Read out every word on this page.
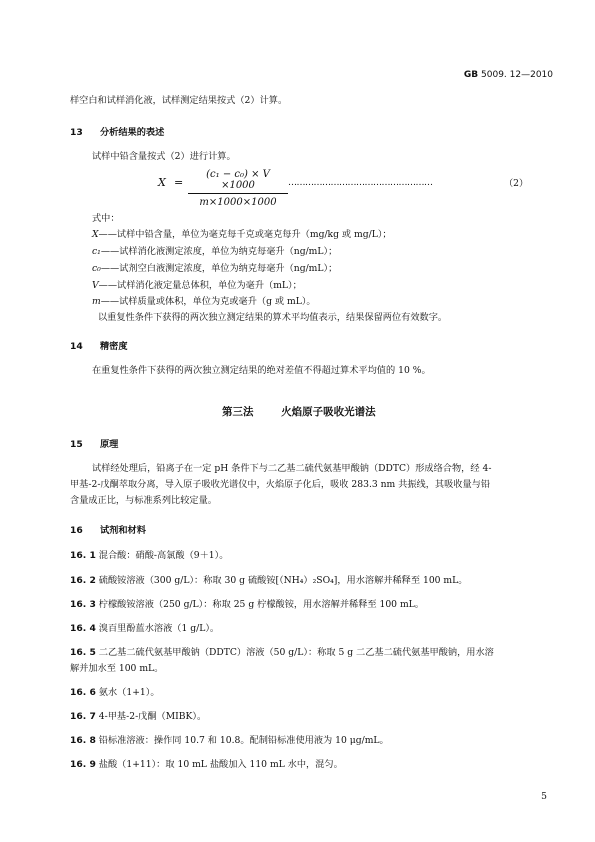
GB 5009. 12—2010
样空白和试样消化液，试样测定结果按式（2）计算。
13 分析结果的表述
试样中铅含量按式（2）进行计算。
X =
(c₁ − c₀) × V ×1000
m×1000×1000
……………………………………………	（2）
式中：
X——试样中铅含量，单位为毫克每千克或毫克每升（mg/kg 或 mg/L）；
c₁——试样消化液测定浓度，单位为纳克每毫升（ng/mL）；
c₀——试剂空白液测定浓度，单位为纳克每毫升（ng/mL）；
V——试样消化液定量总体积，单位为毫升（mL）；
m——试样质量或体积，单位为克或毫升（g 或 mL）。
以重复性条件下获得的两次独立测定结果的算术平均值表示，结果保留两位有效数字。
14 精密度
在重复性条件下获得的两次独立测定结果的绝对差值不得超过算术平均值的 10 %。
第三法	火焰原子吸收光谱法
15 原理
试样经处理后，铅离子在一定 pH 条件下与二乙基二硫代氨基甲酸钠（DDTC）形成络合物，经 4-
甲基-2-戊酮萃取分离，导入原子吸收光谱仪中，火焰原子化后，吸收 283.3 nm 共振线，其吸收量与铅
含量成正比，与标准系列比较定量。
16 试剂和材料
16. 1 混合酸：硝酸-高氯酸（9＋1）。
16. 2 硫酸铵溶液（300 g/L）：称取 30 g 硫酸铵[（NH₄）₂SO₄]，用水溶解并稀释至 100 mL。
16. 3 柠檬酸铵溶液（250 g/L）：称取 25 g 柠檬酸铵，用水溶解并稀释至 100 mL。
16. 4 溴百里酚蓝水溶液（1 g/L）。
16. 5 二乙基二硫代氨基甲酸钠（DDTC）溶液（50 g/L）：称取 5 g 二乙基二硫代氨基甲酸钠，用水溶
解并加水至 100 mL。
16. 6 氨水（1+1）。
16. 7 4-甲基-2-戊酮（MIBK）。
16. 8 铅标准溶液：操作同 10.7 和 10.8。配制铅标准使用液为 10 μg/mL。
16. 9 盐酸（1+11）：取 10 mL 盐酸加入 110 mL 水中，混匀。
5
